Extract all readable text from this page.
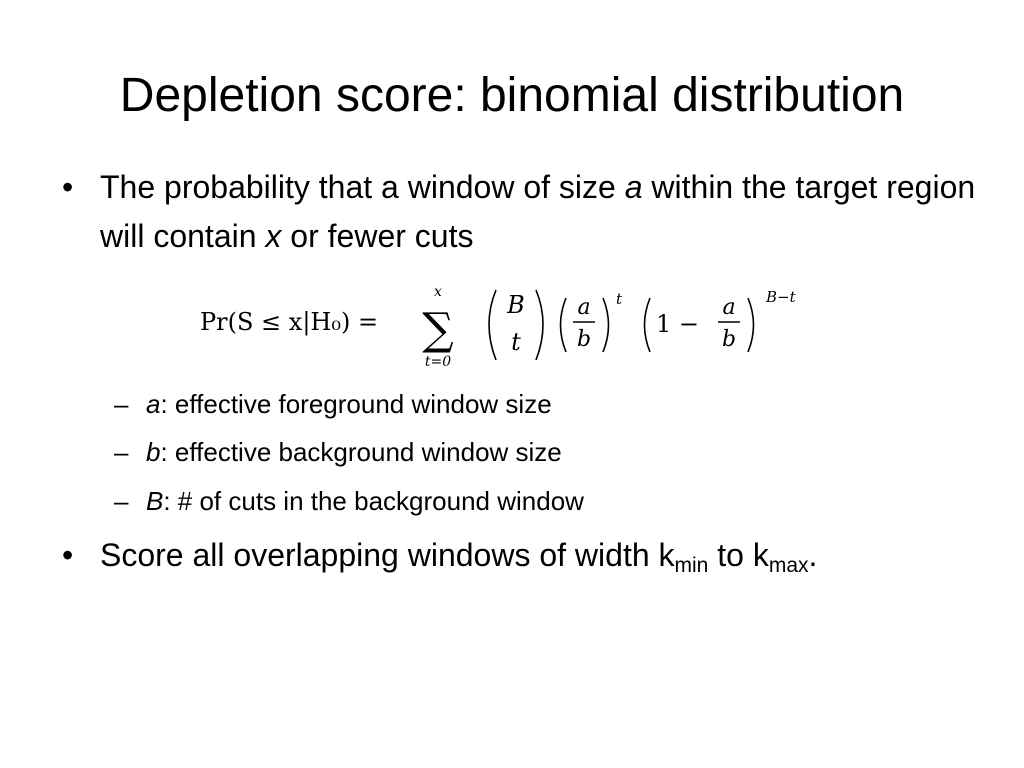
Depletion score: binomial distribution
• The probability that a window of size a within the target region will contain x or fewer cuts
Pr(S ≤ x|H₀) =
x
∑
t=0
B
t
a
b
t
1 −
a
b
B−t
– a: effective foreground window size
– b: effective background window size
– B: # of cuts in the background window
• Score all overlapping windows of width $k_{min}$ to $k_{max}$.
